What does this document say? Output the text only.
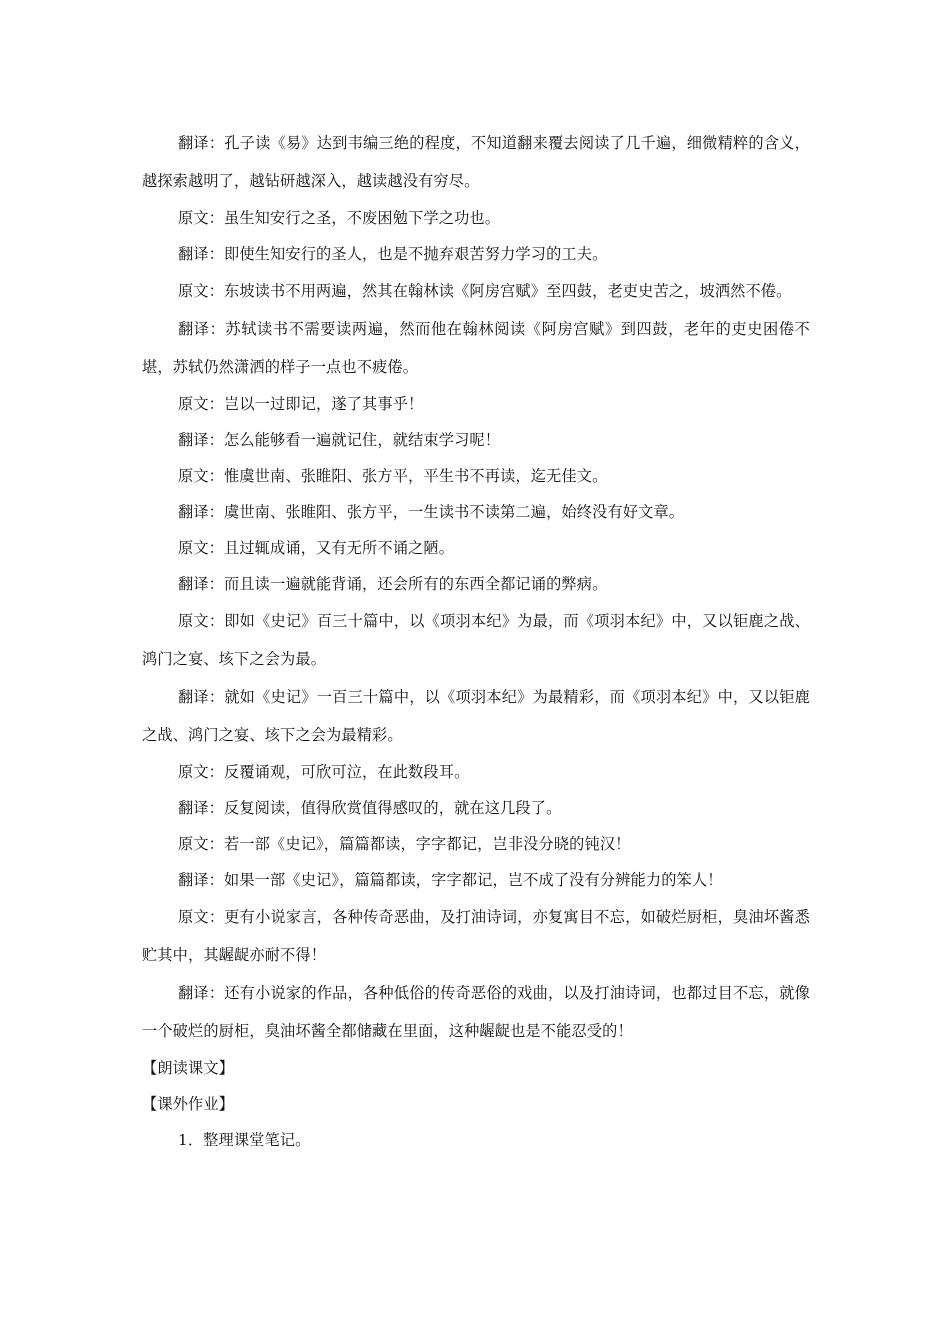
翻译：孔子读《易》达到韦编三绝的程度，不知道翻来覆去阅读了几千遍，细微精粹的含义，越探索越明了，越钻研越深入，越读越没有穷尽。

原文：虽生知安行之圣，不废困勉下学之功也。

翻译：即使生知安行的圣人，也是不抛弃艰苦努力学习的工夫。

原文：东坡读书不用两遍，然其在翰林读《阿房宫赋》至四鼓，老吏史苦之，坡洒然不倦。

翻译：苏轼读书不需要读两遍，然而他在翰林阅读《阿房宫赋》到四鼓，老年的吏史困倦不堪，苏轼仍然潇洒的样子一点也不疲倦。

原文：岂以一过即记，遂了其事乎！

翻译：怎么能够看一遍就记住，就结束学习呢！

原文：惟虞世南、张睢阳、张方平，平生书不再读，迄无佳文。

翻译：虞世南、张睢阳、张方平，一生读书不读第二遍，始终没有好文章。

原文：且过辄成诵，又有无所不诵之陋。

翻译：而且读一遍就能背诵，还会所有的东西全都记诵的弊病。

原文：即如《史记》百三十篇中，以《项羽本纪》为最，而《项羽本纪》中，又以钜鹿之战、鸿门之宴、垓下之会为最。

翻译：就如《史记》一百三十篇中，以《项羽本纪》为最精彩，而《项羽本纪》中，又以钜鹿之战、鸿门之宴、垓下之会为最精彩。

原文：反覆诵观，可欣可泣，在此数段耳。

翻译：反复阅读，值得欣赏值得感叹的，就在这几段了。

原文：若一部《史记》，篇篇都读，字字都记，岂非没分晓的钝汉！

翻译：如果一部《史记》，篇篇都读，字字都记，岂不成了没有分辨能力的笨人！

原文：更有小说家言，各种传奇恶曲，及打油诗词，亦复寓目不忘，如破烂厨柜，臭油坏酱悉贮其中，其龌龊亦耐不得！

翻译：还有小说家的作品，各种低俗的传奇恶俗的戏曲，以及打油诗词，也都过目不忘，就像一个破烂的厨柜，臭油坏酱全都储藏在里面，这种龌龊也是不能忍受的！

【朗读课文】

【课外作业】

1．整理课堂笔记。
